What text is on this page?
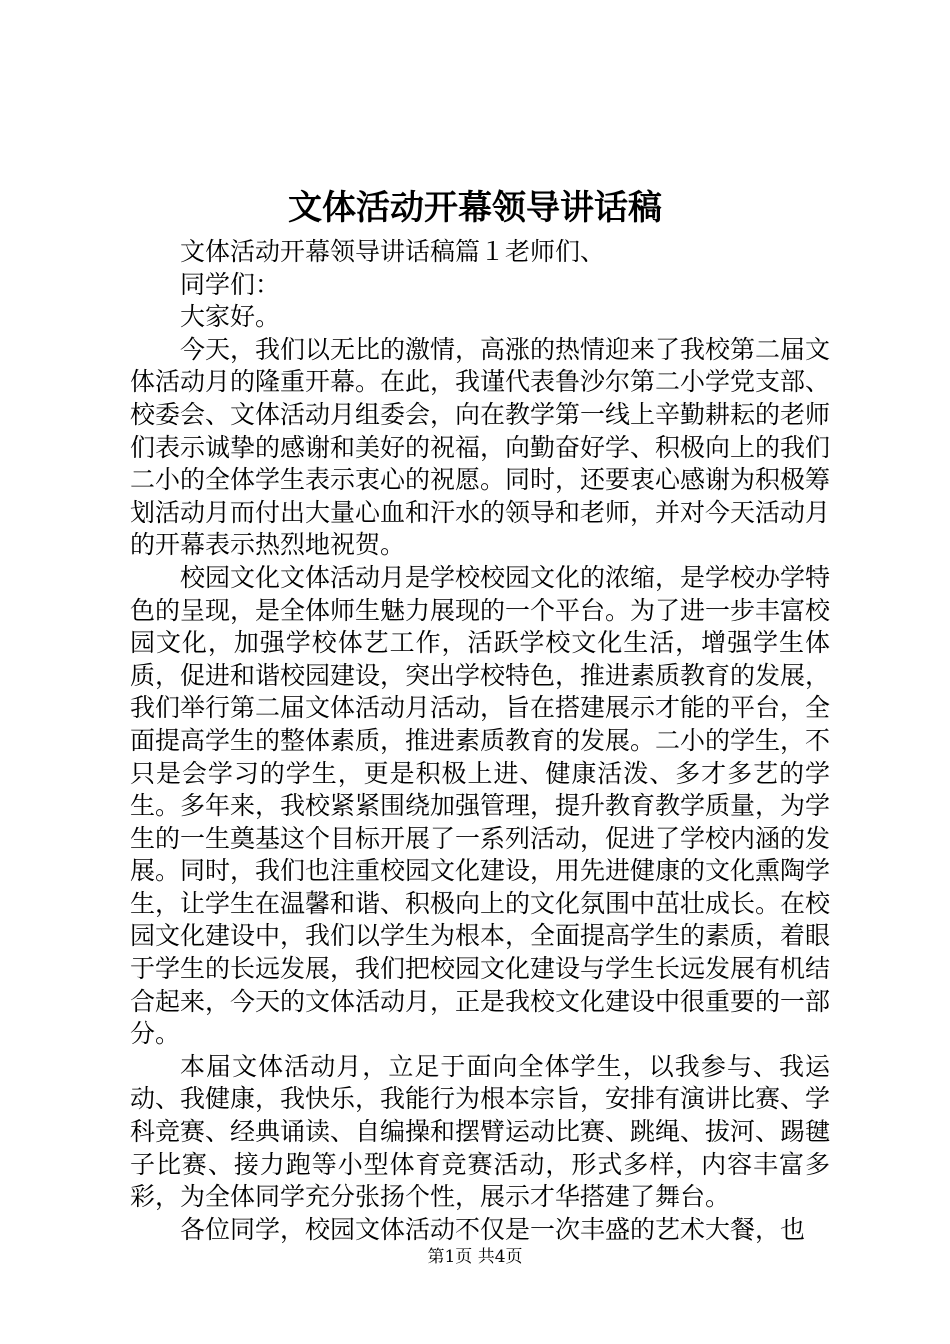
文体活动开幕领导讲话稿

文体活动开幕领导讲话稿篇１老师们、

同学们：

大家好。

今天，我们以无比的激情，高涨的热情迎来了我校第二届文体活动月的隆重开幕。在此，我谨代表鲁沙尔第二小学党支部、校委会、文体活动月组委会，向在教学第一线上辛勤耕耘的老师们表示诚挚的感谢和美好的祝福，向勤奋好学、积极向上的我们二小的全体学生表示衷心的祝愿。同时，还要衷心感谢为积极筹划活动月而付出大量心血和汗水的领导和老师，并对今天活动月的开幕表示热烈地祝贺。

校园文化文体活动月是学校校园文化的浓缩，是学校办学特色的呈现，是全体师生魅力展现的一个平台。为了进一步丰富校园文化，加强学校体艺工作，活跃学校文化生活，增强学生体质，促进和谐校园建设，突出学校特色，推进素质教育的发展，我们举行第二届文体活动月活动，旨在搭建展示才能的平台，全面提高学生的整体素质，推进素质教育的发展。二小的学生，不只是会学习的学生，更是积极上进、健康活泼、多才多艺的学生。多年来，我校紧紧围绕加强管理，提升教育教学质量，为学生的一生奠基这个目标开展了一系列活动，促进了学校内涵的发展。同时，我们也注重校园文化建设，用先进健康的文化熏陶学生，让学生在温馨和谐、积极向上的文化氛围中茁壮成长。在校园文化建设中，我们以学生为根本，全面提高学生的素质，着眼于学生的长远发展，我们把校园文化建设与学生长远发展有机结合起来，今天的文体活动月，正是我校文化建设中很重要的一部分。

本届文体活动月，立足于面向全体学生，以我参与、我运动、我健康，我快乐，我能行为根本宗旨，安排有演讲比赛、学科竞赛、经典诵读、自编操和摆臂运动比赛、跳绳、拔河、踢毽子比赛、接力跑等小型体育竞赛活动，形式多样，内容丰富多彩，为全体同学充分张扬个性，展示才华搭建了舞台。

各位同学，校园文体活动不仅是一次丰盛的艺术大餐，也

第1页 共4页
